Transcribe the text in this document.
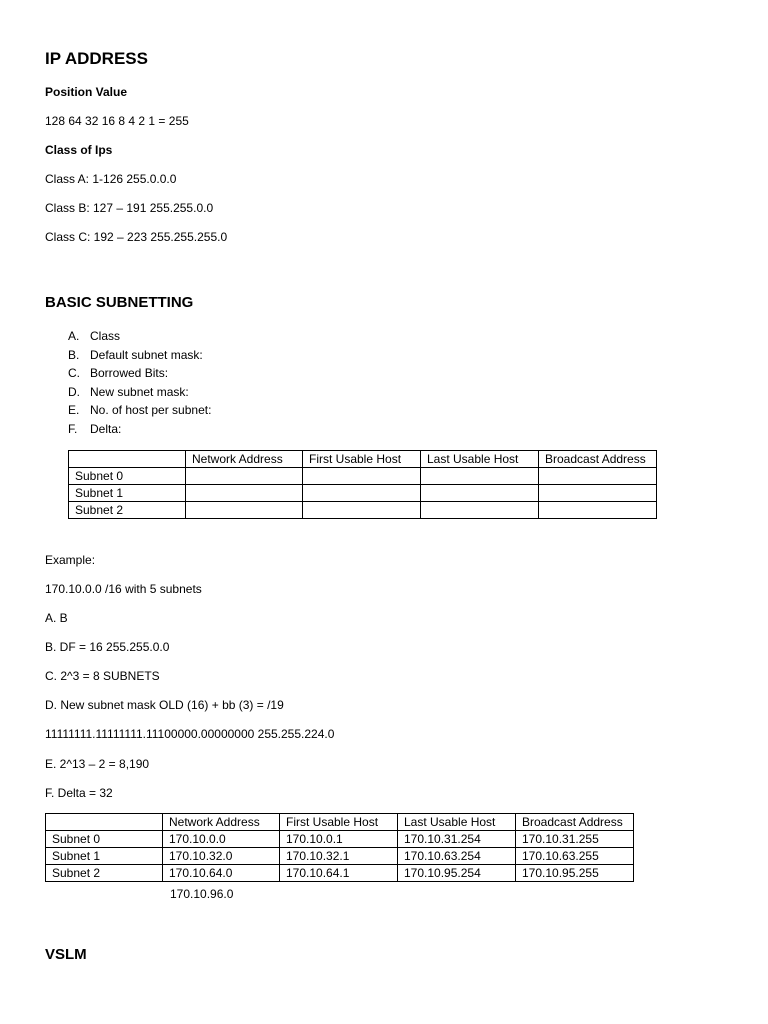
IP ADDRESS
Position Value
128 64 32 16 8 4 2 1 = 255
Class of Ips
Class A: 1-126 255.0.0.0
Class B: 127 – 191 255.255.0.0
Class C: 192 – 223 255.255.255.0
BASIC SUBNETTING
A. Class
B. Default subnet mask:
C. Borrowed Bits:
D. New subnet mask:
E. No. of host per subnet:
F.	Delta:
	Network Address	First Usable Host	Last Usable Host	Broadcast Address
Subnet 0				
Subnet 1				
Subnet 2				
Example:
170.10.0.0 /16 with 5 subnets
A. B
B. DF = 16 255.255.0.0
C. 2^3 = 8 SUBNETS
D. New subnet mask OLD (16) + bb (3) = /19
11111111.11111111.11100000.00000000 255.255.224.0
E. 2^13 – 2 = 8,190
F. Delta = 32
	Network Address	First Usable Host	Last Usable Host	Broadcast Address
Subnet 0	170.10.0.0	170.10.0.1	170.10.31.254	170.10.31.255
Subnet 1	170.10.32.0	170.10.32.1	170.10.63.254	170.10.63.255
Subnet 2	170.10.64.0	170.10.64.1	170.10.95.254	170.10.95.255
170.10.96.0
VSLM
